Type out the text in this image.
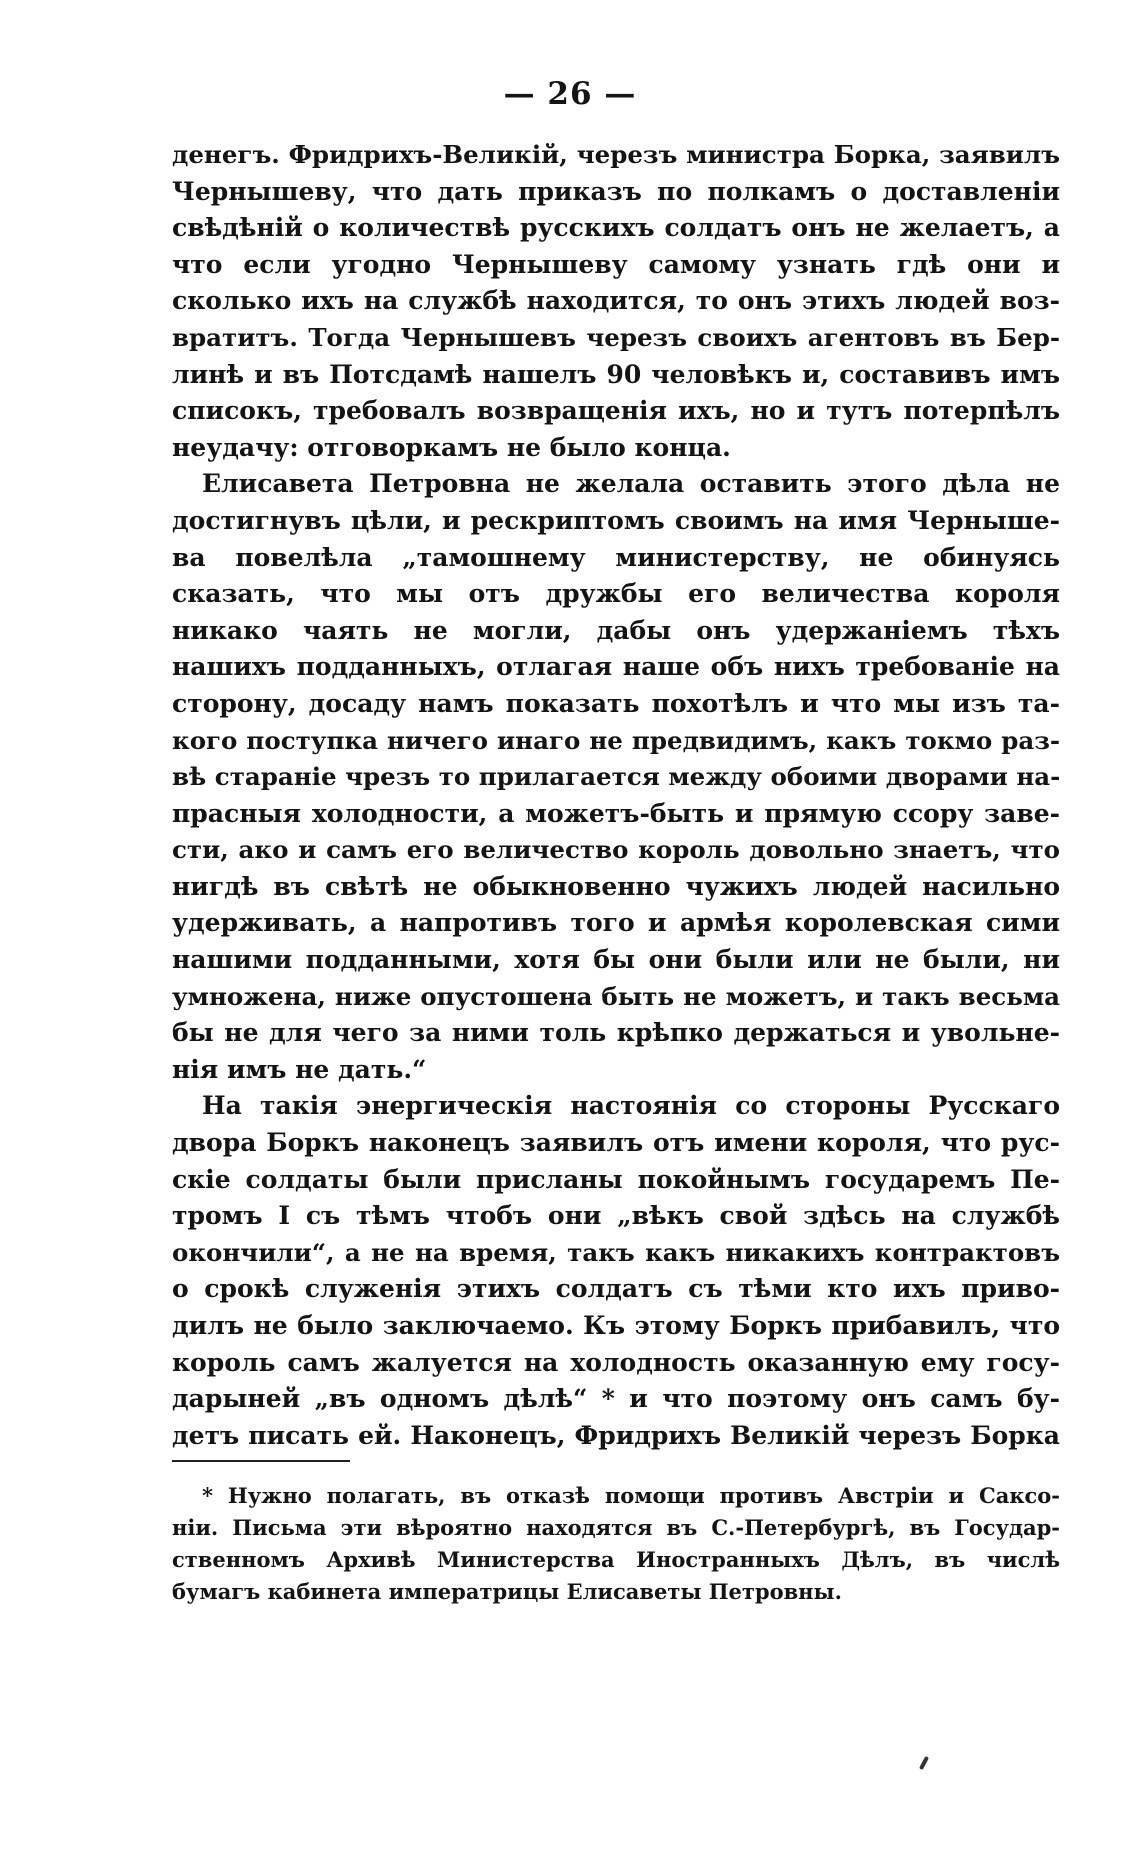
— 26 —
денегъ. Фридрихъ-Великій, черезъ министра Борка, заявилъ
Чернышеву, что дать приказъ по полкамъ о доставленіи
свѣдѣній о количествѣ русскихъ солдатъ онъ не желаетъ, а
что если угодно Чернышеву самому узнать гдѣ они и
сколько ихъ на службѣ находится, то онъ этихъ людей воз-
вратитъ. Тогда Чернышевъ черезъ своихъ агентовъ въ Бер-
линѣ и въ Потсдамѣ нашелъ 90 человѣкъ и, составивъ имъ
списокъ, требовалъ возвращенія ихъ, но и тутъ потерпѣлъ
неудачу: отговоркамъ не было конца.
Елисавета Петровна не желала оставить этого дѣла не
достигнувъ цѣли, и рескриптомъ своимъ на имя Черныше-
ва повелѣла „тамошнему министерству, не обинуясь
сказать, что мы отъ дружбы его величества короля
никако чаять не могли, дабы онъ удержаніемъ тѣхъ
нашихъ подданныхъ, отлагая наше объ нихъ требованіе на
сторону, досаду намъ показать похотѣлъ и что мы изъ та-
кого поступка ничего инаго не предвидимъ, какъ токмо раз-
вѣ стараніе чрезъ то прилагается между обоими дворами на-
прасныя холодности, а можетъ-быть и прямую ссору заве-
сти, ако и самъ его величество король довольно знаетъ, что
нигдѣ въ свѣтѣ не обыкновенно чужихъ людей насильно
удерживать, а напротивъ того и армѣя королевская сими
нашими подданными, хотя бы они были или не были, ни
умножена, ниже опустошена быть не можетъ, и такъ весьма
бы не для чего за ними толь крѣпко держаться и увольне-
нія имъ не дать.“
На такія энергическія настоянія со стороны Русскаго
двора Боркъ наконецъ заявилъ отъ имени короля, что рус-
скіе солдаты были присланы покойнымъ государемъ Пе-
тромъ I съ тѣмъ чтобъ они „вѣкъ свой здѣсь на службѣ
окончили“, а не на время, такъ какъ никакихъ контрактовъ
о срокѣ служенія этихъ солдатъ съ тѣми кто ихъ приво-
дилъ не было заключаемо. Къ этому Боркъ прибавилъ, что
король самъ жалуется на холодность оказанную ему госу-
дарыней „въ одномъ дѣлѣ“ * и что поэтому онъ самъ бу-
детъ писать ей. Наконецъ, Фридрихъ Великій черезъ Борка
* Нужно полагать, въ отказѣ помощи противъ Австріи и Саксо-
ніи. Письма эти вѣроятно находятся въ С.-Петербургѣ, въ Государ-
ственномъ Архивѣ Министерства Иностранныхъ Дѣлъ, въ числѣ
бумагъ кабинета императрицы Елисаветы Петровны.
